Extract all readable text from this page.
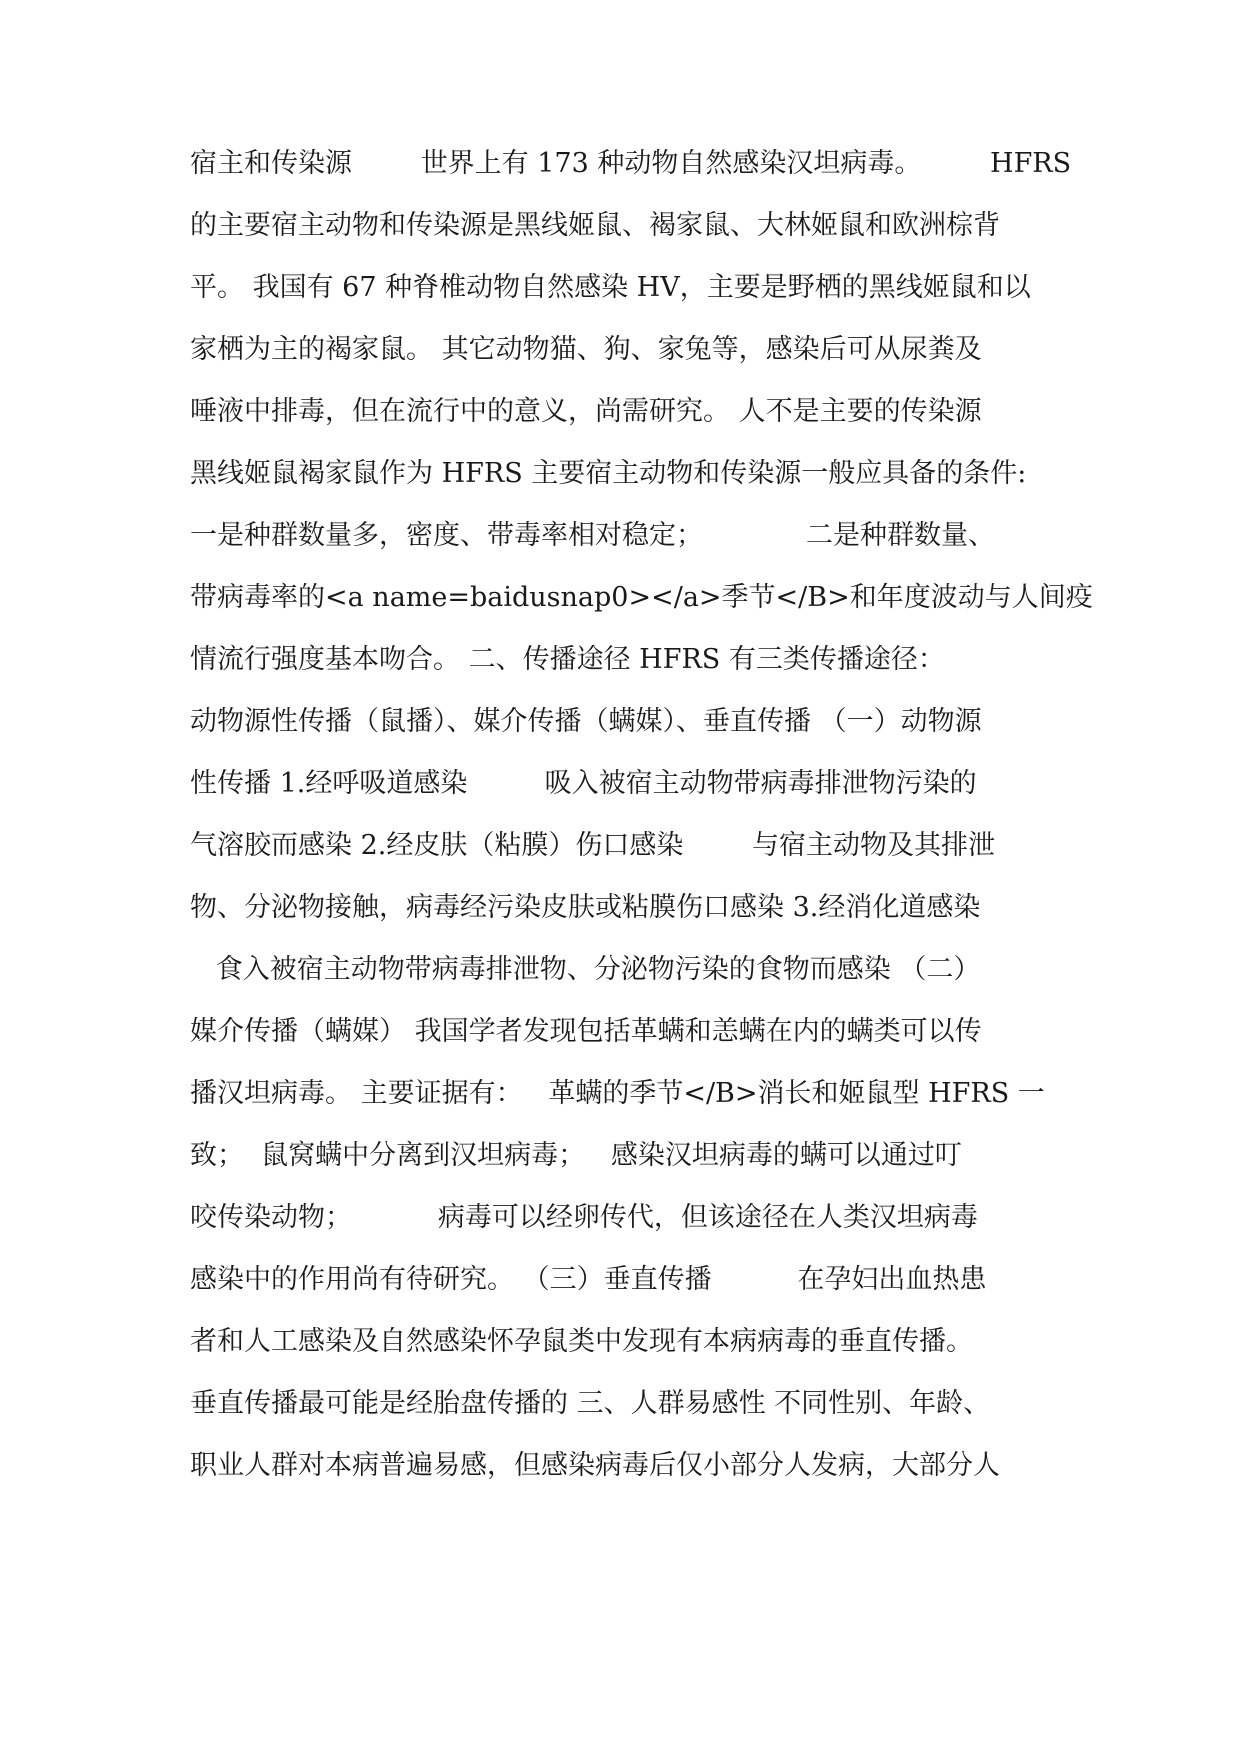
宿主和传染源        世界上有 173 种动物自然感染汉坦病毒。        HFRS
的主要宿主动物和传染源是黑线姬鼠、褐家鼠、大林姬鼠和欧洲棕背
平。 我国有 67 种脊椎动物自然感染 HV，主要是野栖的黑线姬鼠和以
家栖为主的褐家鼠。 其它动物猫、狗、家兔等，感染后可从尿粪及
唾液中排毒，但在流行中的意义，尚需研究。 人不是主要的传染源
黑线姬鼠褐家鼠作为 HFRS 主要宿主动物和传染源一般应具备的条件:
一是种群数量多，密度、带毒率相对稳定；            二是种群数量、
带病毒率的<a name=baidusnap0></a>季节</B>和年度波动与人间疫
情流行强度基本吻合。 二、传播途径 HFRS 有三类传播途径：
动物源性传播（鼠播）、媒介传播（螨媒）、垂直传播 （一）动物源
性传播 1.经呼吸道感染         吸入被宿主动物带病毒排泄物污染的
气溶胶而感染 2.经皮肤（粘膜）伤口感染        与宿主动物及其排泄
物、分泌物接触，病毒经污染皮肤或粘膜伤口感染 3.经消化道感染
食入被宿主动物带病毒排泄物、分泌物污染的食物而感染 （二）
媒介传播（螨媒） 我国学者发现包括革螨和恙螨在内的螨类可以传
播汉坦病毒。 主要证据有：   革螨的季节</B>消长和姬鼠型 HFRS 一
致；  鼠窝螨中分离到汉坦病毒；   感染汉坦病毒的螨可以通过叮
咬传染动物；          病毒可以经卵传代，但该途径在人类汉坦病毒
感染中的作用尚有待研究。 （三）垂直传播          在孕妇出血热患
者和人工感染及自然感染怀孕鼠类中发现有本病病毒的垂直传播。
垂直传播最可能是经胎盘传播的 三、人群易感性 不同性别、年龄、
职业人群对本病普遍易感，但感染病毒后仅小部分人发病，大部分人
